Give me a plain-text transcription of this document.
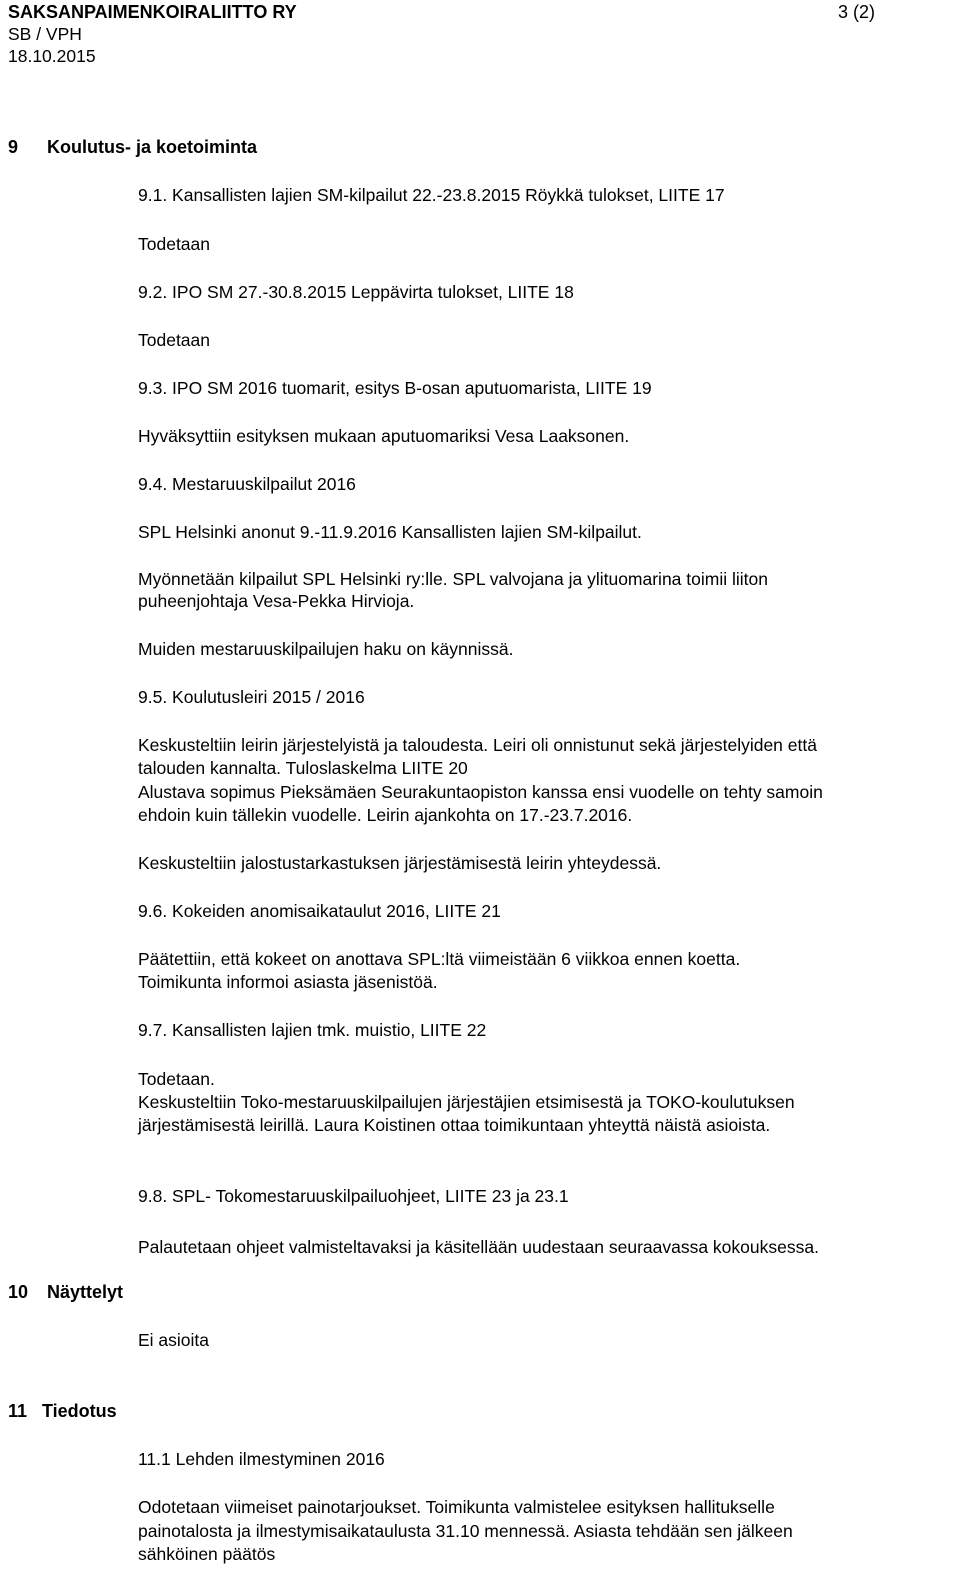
SAKSANPAIMENKOIRALIITTO RY
SB / VPH
18.10.2015
3 (2)
9 Koulutus- ja koetoiminta
9.1. Kansallisten lajien SM-kilpailut 22.-23.8.2015 Röykkä tulokset, LIITE 17
Todetaan
9.2. IPO SM 27.-30.8.2015 Leppävirta tulokset, LIITE 18
Todetaan
9.3. IPO SM 2016 tuomarit, esitys B-osan aputuomarista, LIITE 19
Hyväksyttiin esityksen mukaan aputuomariksi Vesa Laaksonen.
9.4. Mestaruuskilpailut 2016
SPL Helsinki anonut 9.-11.9.2016 Kansallisten lajien SM-kilpailut.
Myönnetään kilpailut SPL Helsinki ry:lle. SPL valvojana ja ylituomarina toimii liiton
puheenjohtaja Vesa-Pekka Hirvioja.
Muiden mestaruuskilpailujen haku on käynnissä.
9.5. Koulutusleiri 2015 / 2016
Keskusteltiin leirin järjestelyistä ja taloudesta. Leiri oli onnistunut sekä järjestelyiden että
talouden kannalta. Tuloslaskelma LIITE 20
Alustava sopimus Pieksämäen Seurakuntaopiston kanssa ensi vuodelle on tehty samoin
ehdoin kuin tällekin vuodelle. Leirin ajankohta on 17.-23.7.2016.
Keskusteltiin jalostustarkastuksen järjestämisestä leirin yhteydessä.
9.6. Kokeiden anomisaikataulut 2016, LIITE 21
Päätettiin, että kokeet on anottava SPL:ltä viimeistään 6 viikkoa ennen koetta.
Toimikunta informoi asiasta jäsenistöä.
9.7. Kansallisten lajien tmk. muistio, LIITE 22
Todetaan.
Keskusteltiin Toko-mestaruuskilpailujen järjestäjien etsimisestä ja TOKO-koulutuksen
järjestämisestä leirillä. Laura Koistinen ottaa toimikuntaan yhteyttä näistä asioista.
9.8. SPL- Tokomestaruuskilpailuohjeet, LIITE 23 ja 23.1
Palautetaan ohjeet valmisteltavaksi ja käsitellään uudestaan seuraavassa kokouksessa.
10 Näyttelyt
Ei asioita
11 Tiedotus
11.1 Lehden ilmestyminen 2016
Odotetaan viimeiset painotarjoukset. Toimikunta valmistelee esityksen hallitukselle
painotalosta ja ilmestymisaikataulusta 31.10 mennessä. Asiasta tehdään sen jälkeen
sähköinen päätös
